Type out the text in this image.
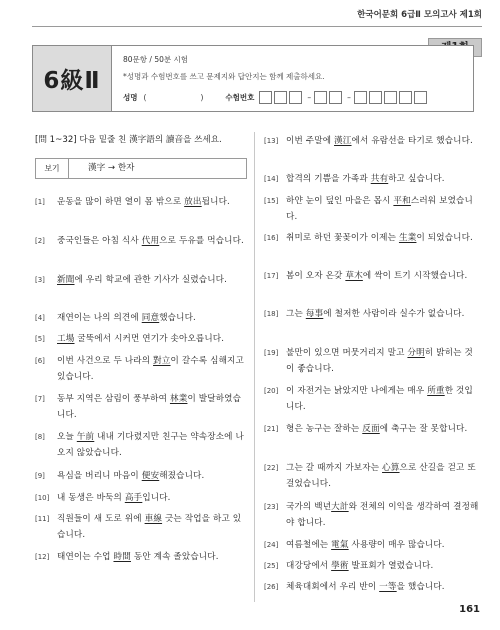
한국어문회 6급Ⅱ 모의고사 제1회
6級Ⅱ
80문항 / 50분 시험
*성명과 수험번호를 쓰고 문제지와 답안지는 함께 제출하세요.
성명 (	)	수험번호	–	–
[問 1~32] 다음 밑줄 친 漢字語의 讀音을 쓰세요.
보기	漢字 → 한자
[1]	운동을 많이 하면 열이 몸 밖으로 放出됩니다.
[2]	중국인들은 아침 식사 代用으로 두유를 먹습니다.
[3]	新聞에 우리 학교에 관한 기사가 실렸습니다.
[4]	재연이는 나의 의견에 同意했습니다.
[5]	工場 굴뚝에서 시커먼 연기가 솟아오릅니다.
[6]	이번 사건으로 두 나라의 對立이 갈수록 심해지고 있습니다.
[7]	동부 지역은 삼림이 풍부하여 林業이 발달하였습니다.
[8]	오늘 午前 내내 기다렸지만 친구는 약속장소에 나오지 않았습니다.
[9]	욕심을 버리니 마음이 便安해졌습니다.
[10] 내 동생은 바둑의 高手입니다.
[11] 직원들이 새 도로 위에 車線 긋는 작업을 하고 있습니다.
[12] 태연이는 수업 時間 동안 계속 졸았습니다.
[13] 이번 주말에 漢江에서 유람선을 타기로 했습니다.
[14] 합격의 기쁨을 가족과 共有하고 싶습니다.
[15] 하얀 눈이 덮인 마을은 몹시 平和스러워 보였습니다.
[16] 취미로 하던 꽃꽂이가 이제는 生業이 되었습니다.
[17] 봄이 오자 온갖 草木에 싹이 트기 시작했습니다.
[18] 그는 每事에 철저한 사람이라 실수가 없습니다.
[19] 불만이 있으면 머뭇거리지 말고 分明히 밝히는 것이 좋습니다.
[20] 이 자전거는 낡았지만 나에게는 매우 所重한 것입니다.
[21] 형은 농구는 잘하는 反面에 축구는 잘 못합니다.
[22] 그는 갈 때까지 가보자는 心算으로 산길을 걷고 또 걸었습니다.
[23] 국가의 백년大計와 전체의 이익을 생각하여 결정해야 합니다.
[24] 여름철에는 電氣 사용량이 매우 많습니다.
[25] 대강당에서 學術 발표회가 열렸습니다.
[26] 체육대회에서 우리 반이 一等을 했습니다.
161
